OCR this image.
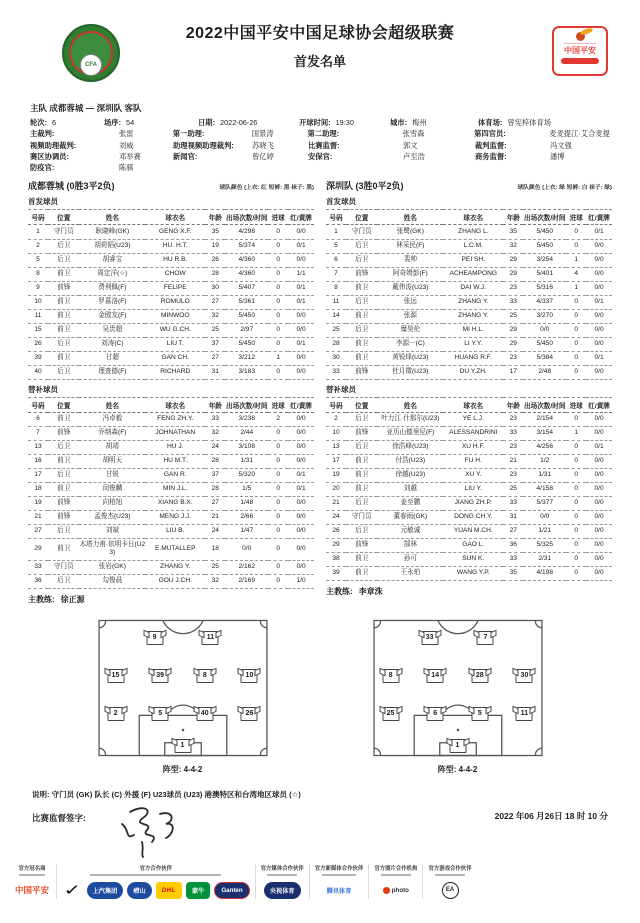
CFA
2022中国平安中国足球协会超级联赛
首发名单
中国平安
主队 成都蓉城 — 深圳队 客队
轮次: 6	场序: 54	日期: 2022-06-26	开球时间: 19:30	城市: 梅州	体育场: 曾宪梓体育场
主裁判:	张雷	第一助理:	国景涛	第二助理:	张雪森	第四官员:	麦麦提江·艾合麦提
视频助理裁判:	刘威	助理视频助理裁判:	苏晓飞	比赛监督:	郭文	裁判监督:	冯文强
赛区协调员:	邓举赛	新闻官:	曾亿婷	安保官:	卢至浩	商务监督:	潘博
防疫官:	陈骐
成都蓉城 (0胜3平2负)	球队颜色 (上衣: 红 短裤: 黑 袜子: 黑)
首发球员
号码	位置	姓名	球衣名	年龄	出场次数/时间	进球	红/黄牌
1	守门员	耿晓峰(GK)	GENG X.F.	35	4/298	0	0/0
2	后卫	胡荷韬(U23)	HU. H.T.	19	5/374	0	0/1
5	后卫	胡睿宝	HU R.B.	26	4/360	0	0/0
8	前卫	周定洋(☆)	CHOW	28	4/360	0	1/1
9	前锋	费利佩(F)	FELIPE	30	5/407	0	0/1
10	前卫	罗慕洛(F)	ROMULO	27	5/361	0	0/1
11	前卫	金敃友(F)	MINWOO	32	5/450	0	0/0
15	前卫	吴贵超	WU G.CH.	25	2/97	0	0/0
26	后卫	刘涛(C)	LIU T.	37	5/450	0	0/1
39	前卫	甘超	GAN CH.	27	3/212	1	0/0
40	后卫	理查德(F)	RICHARD	31	3/183	0	0/0
替补球员
号码	位置	姓名	球衣名	年龄	出场次数/时间	进球	红/黄牌
6	前卫	冯卓毅	FENG ZH.Y.	33	3/238	2	0/0
7	前锋	乔纳森(F)	JOHNATHAN	32	2/44	0	0/0
13	后卫	胡靖	HU J.	24	3/108	0	0/0
16	前卫	胡明天	HU M.T.	28	1/31	0	0/0
17	后卫	甘锐	GAN R.	37	5/320	0	0/1
18	前卫	闵俊麟	MIN J.L.	28	1/5	0	0/1
19	前锋	向柏旭	XIANG B.X.	27	1/48	0	0/0
21	前锋	孟俊杰(U23)	MENG J.J.	21	2/66	0	0/0
27	后卫	刘斌	LIU B.	24	1/47	0	0/0
29	前卫	木塔力甫·依明卡日(U23)	E.MUTALLEP	18	0/0	0	0/0
33	守门员	张岩(GK)	ZHANG Y.	25	2/162	0	0/0
36	后卫	勾俊晨	GOU J.CH.	32	2/169	0	1/0
主教练: 徐正源
深圳队 (3胜0平2负)	球队颜色 (上衣: 绿 短裤: 白 袜子: 绿)
首发球员
号码	位置	姓名	球衣名	年龄	出场次数/时间	进球	红/黄牌
1	守门员	张鹭(GK)	ZHANG L.	35	5/450	0	0/1
5	后卫	林采民(F)	L.C.M.	32	5/450	0	0/0
6	后卫	裴帅	PEI SH.	29	3/254	1	0/0
7	前锋	阿奇姆彭(F)	ACHEAMPONG	29	5/401	4	0/0
8	前卫	戴伟浚(U23)	DAI W.J.	23	5/316	1	0/0
11	后卫	张远	ZHANG Y.	33	4/337	0	0/1
14	前卫	张源	ZHANG Y.	25	3/270	0	0/0
25	后卫	糜昊伦	MI H.L.	29	0/0	0	0/0
28	前卫	李源一(C)	LI Y.Y.	29	5/450	0	0/0
30	前卫	黄锐烽(U23)	HUANG R.F.	23	5/384	0	0/1
33	前锋	杜月徵(U23)	DU Y.ZH.	17	2/48	0	0/0
替补球员
号码	位置	姓名	球衣名	年龄	出场次数/时间	进球	红/黄牌
2	后卫	叶力江·什那尔(U23)	YE L.J.	23	2/154	0	0/0
10	前锋	亚历山德里尼(F)	ALESSANDRINI	33	3/154	1	0/0
13	后卫	徐浩峰(U23)	XU H.F.	23	4/256	0	0/1
17	前卫	付浩(U23)	FU H.	21	1/2	0	0/0
19	前卫	徐越(U23)	XU Y.	23	1/31	0	0/0
20	前卫	刘越	LIU Y.	25	4/158	0	0/0
21	后卫	姜至鹏	JIANG ZH.P.	33	5/377	0	0/0
24	守门员	董春雨(GK)	DONG CH.Y.	31	0/0	0	0/0
26	后卫	元敏诚	YUAN M.CH.	27	1/21	0	0/0
29	前锋	郜林	GAO L.	36	5/325	0	0/0
38	前卫	孙可	SUN K.	33	2/31	0	0/0
39	前卫	王永珀	WANG Y.P.	35	4/198	0	0/0
主教练: 李章洙
9	11
15	39	8	10
2	5	40	26
1
阵型: 4-4-2
33	7
8	14	28	30
25	6	5	11
1
阵型: 4-4-2
说明: 守门员 (GK) 队长 (C) 外援 (F) U23球员 (U23) 港澳特区和台湾地区球员 (☆)
比赛监督签字:	2022 年06 月26日 18 时 10 分
官方冠名商
中国平安
官方合作伙伴
✓	上汽集团	崂山	DHL	蒙牛	Ganten
官方媒体合作伙伴
央视体育
官方新媒体合作伙伴
腾讯体育
官方图片合作机构
photo
官方游戏合作伙伴
EA
